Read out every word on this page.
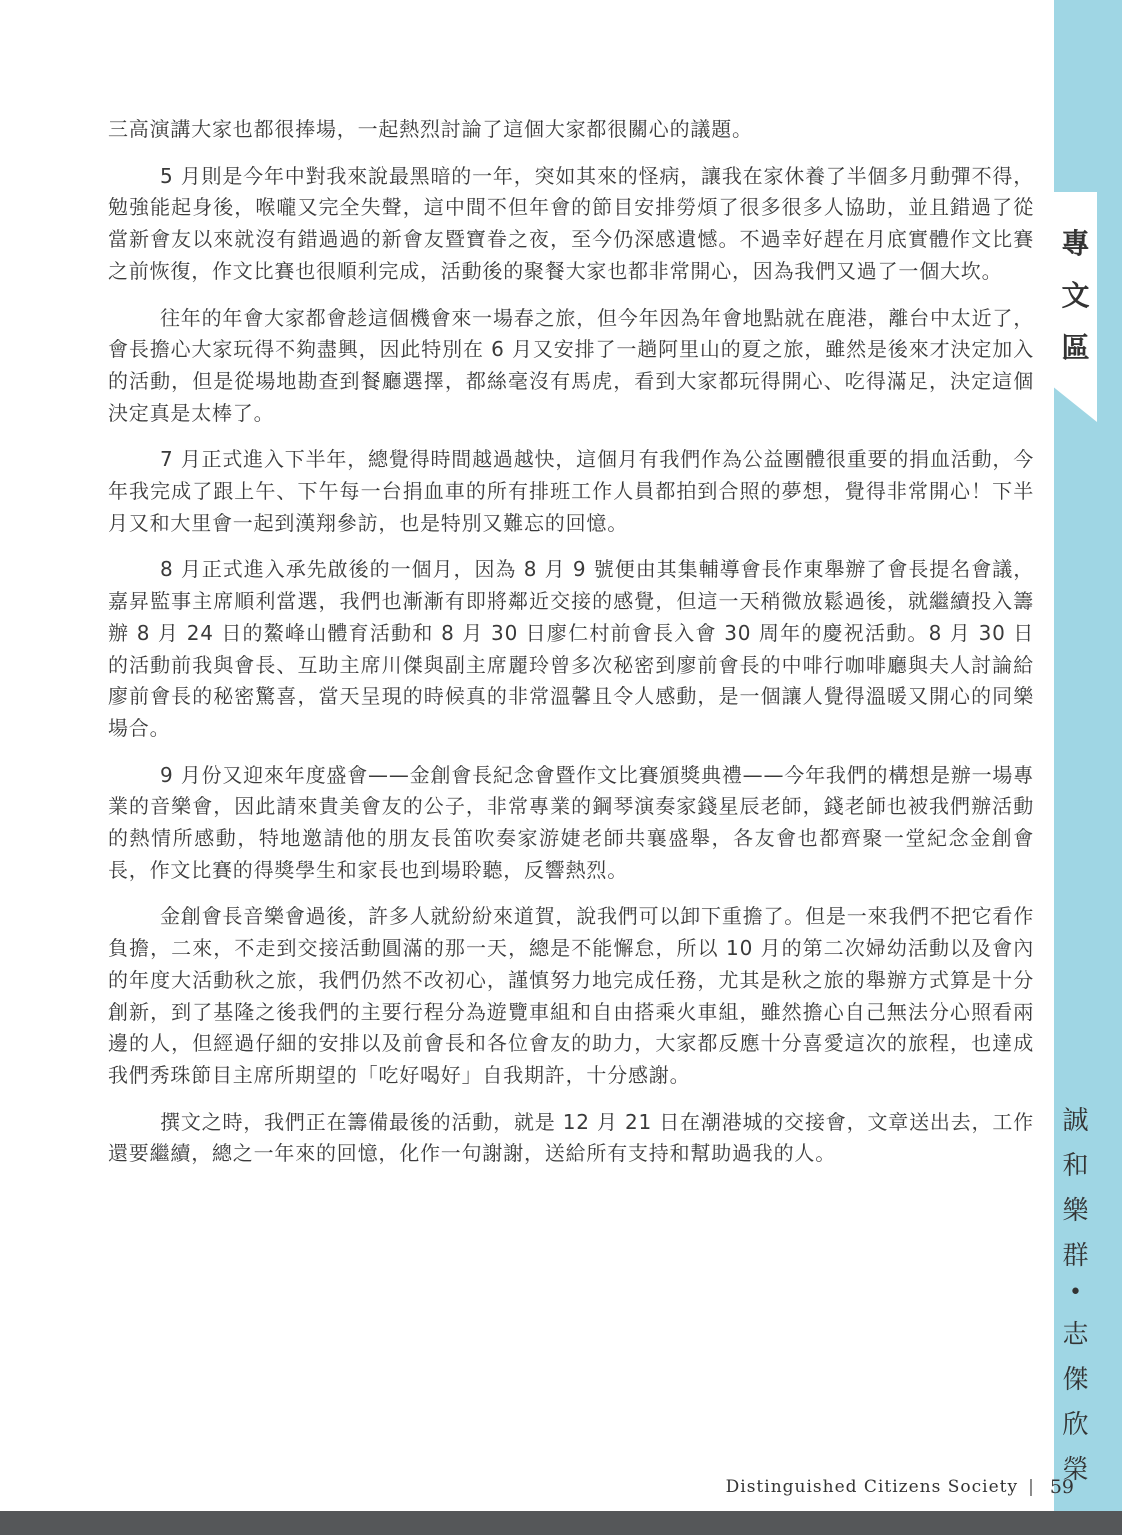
專
文
區
誠
和
樂
群
•
志
傑
欣
榮

三高演講大家也都很捧場，一起熱烈討論了這個大家都很關心的議題。

5 月則是今年中對我來說最黑暗的一年，突如其來的怪病，讓我在家休養了半個多月動彈不得，勉強能起身後，喉嚨又完全失聲，這中間不但年會的節目安排勞煩了很多很多人協助，並且錯過了從當新會友以來就沒有錯過過的新會友暨寶眷之夜，至今仍深感遺憾。不過幸好趕在月底實體作文比賽之前恢復，作文比賽也很順利完成，活動後的聚餐大家也都非常開心，因為我們又過了一個大坎。

往年的年會大家都會趁這個機會來一場春之旅，但今年因為年會地點就在鹿港，離台中太近了，會長擔心大家玩得不夠盡興，因此特別在 6 月又安排了一趟阿里山的夏之旅，雖然是後來才決定加入的活動，但是從場地勘查到餐廳選擇，都絲毫沒有馬虎，看到大家都玩得開心、吃得滿足，決定這個決定真是太棒了。

7 月正式進入下半年，總覺得時間越過越快，這個月有我們作為公益團體很重要的捐血活動，今年我完成了跟上午、下午每一台捐血車的所有排班工作人員都拍到合照的夢想，覺得非常開心！下半月又和大里會一起到漢翔參訪，也是特別又難忘的回憶。

8 月正式進入承先啟後的一個月，因為 8 月 9 號便由其集輔導會長作東舉辦了會長提名會議，嘉昇監事主席順利當選，我們也漸漸有即將鄰近交接的感覺，但這一天稍微放鬆過後，就繼續投入籌辦 8 月 24 日的鰲峰山體育活動和 8 月 30 日廖仁村前會長入會 30 周年的慶祝活動。8 月 30 日的活動前我與會長、互助主席川傑與副主席麗玲曾多次秘密到廖前會長的中啡行咖啡廳與夫人討論給廖前會長的秘密驚喜，當天呈現的時候真的非常溫馨且令人感動，是一個讓人覺得溫暖又開心的同樂場合。

9 月份又迎來年度盛會——金創會長紀念會暨作文比賽頒獎典禮——今年我們的構想是辦一場專業的音樂會，因此請來貴美會友的公子，非常專業的鋼琴演奏家錢星辰老師，錢老師也被我們辦活動的熱情所感動，特地邀請他的朋友長笛吹奏家游婕老師共襄盛舉，各友會也都齊聚一堂紀念金創會長，作文比賽的得獎學生和家長也到場聆聽，反響熱烈。

金創會長音樂會過後，許多人就紛紛來道賀，說我們可以卸下重擔了。但是一來我們不把它看作負擔，二來，不走到交接活動圓滿的那一天，總是不能懈怠，所以 10 月的第二次婦幼活動以及會內的年度大活動秋之旅，我們仍然不改初心，謹慎努力地完成任務，尤其是秋之旅的舉辦方式算是十分創新，到了基隆之後我們的主要行程分為遊覽車組和自由搭乘火車組，雖然擔心自己無法分心照看兩邊的人，但經過仔細的安排以及前會長和各位會友的助力，大家都反應十分喜愛這次的旅程，也達成我們秀珠節目主席所期望的「吃好喝好」自我期許，十分感謝。

撰文之時，我們正在籌備最後的活動，就是 12 月 21 日在潮港城的交接會，文章送出去，工作還要繼續，總之一年來的回憶，化作一句謝謝，送給所有支持和幫助過我的人。

Distinguished Citizens Society | 59
